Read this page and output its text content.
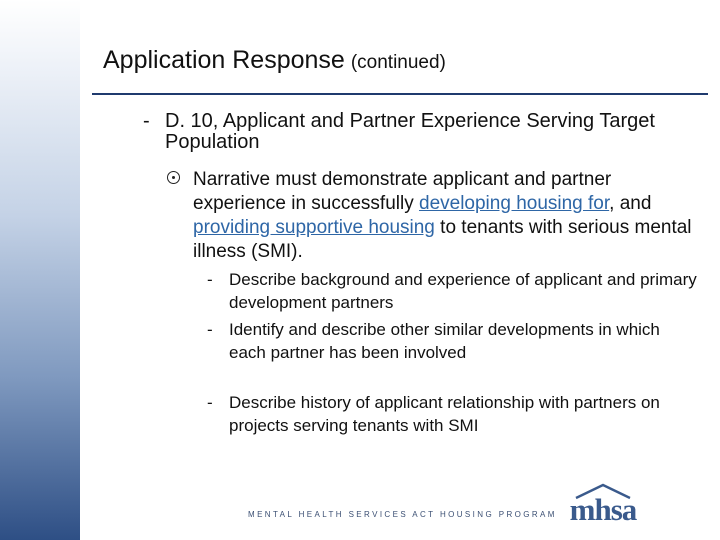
Application Response (continued)
- D. 10, Applicant and Partner Experience Serving Target Population
Narrative must demonstrate applicant and partner experience in successfully developing housing for, and providing supportive housing to tenants with serious mental illness (SMI).
- Describe background and experience of applicant and primary development partners
- Identify and describe other similar developments in which each partner has been involved
- Describe history of applicant relationship with partners on projects serving tenants with SMI
mhsa
MENTAL HEALTH SERVICES ACT HOUSING PROGRAM
